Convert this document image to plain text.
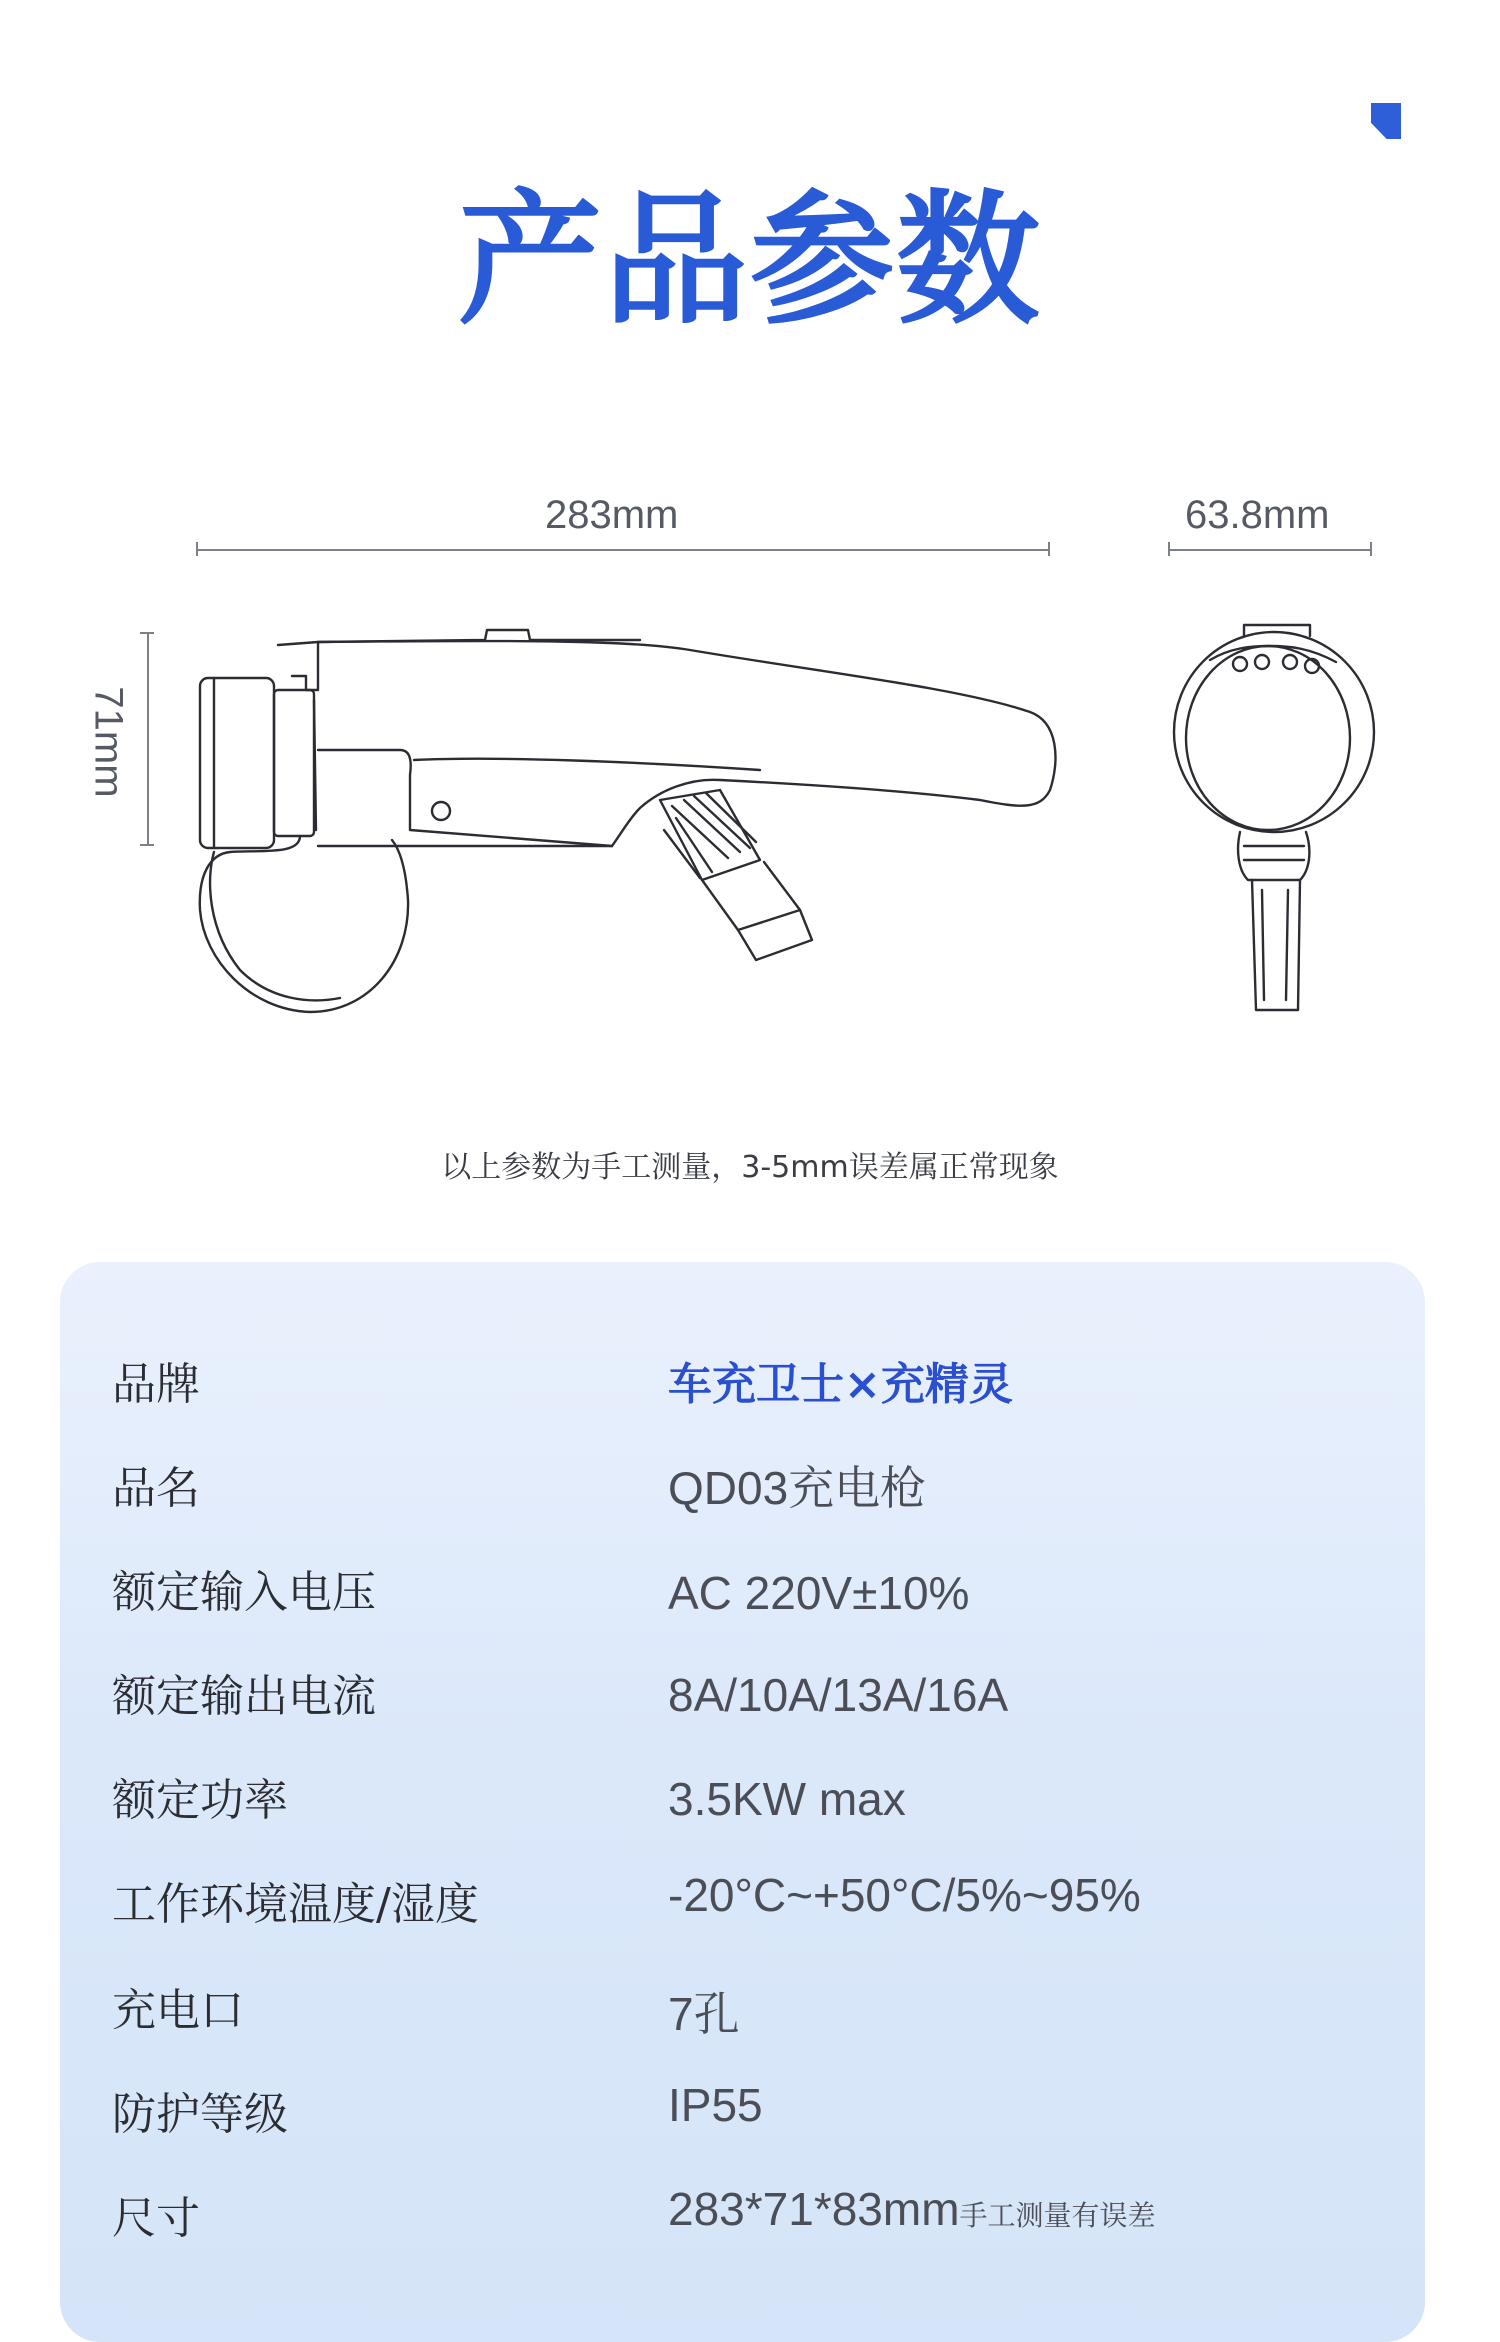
产品参数
283mm	63.8mm
71mm
以上参数为手工测量，3-5mm误差属正常现象
品牌	车充卫士×充精灵
品名	QD03充电枪
额定输入电压	AC 220V±10%
额定输出电流	8A/10A/13A/16A
额定功率	3.5KW max
工作环境温度/湿度	-20°C~+50°C/5%~95%
充电口	7孔
防护等级	IP55
尺寸	283*71*83mm手工测量有误差
